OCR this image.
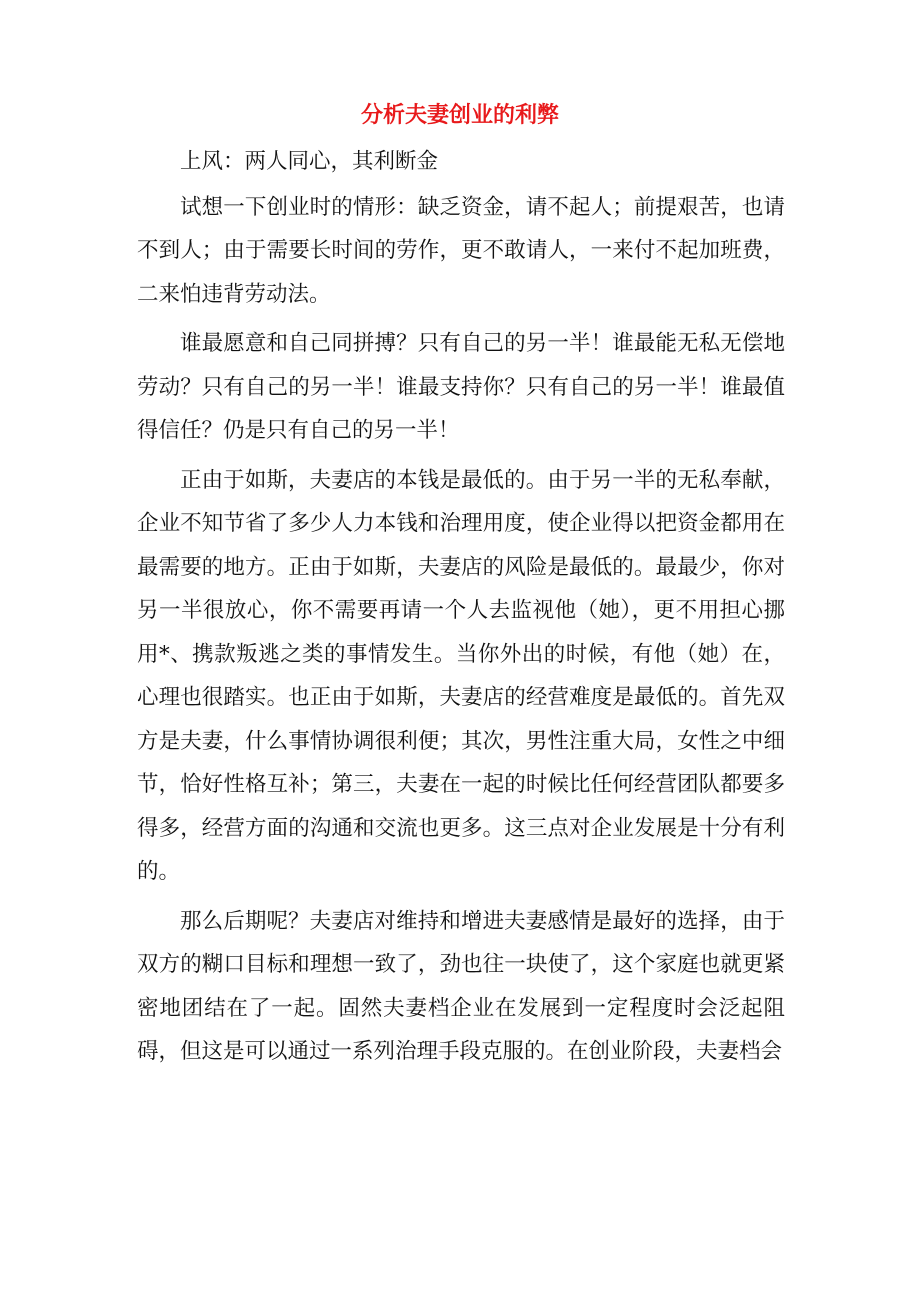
分析夫妻创业的利弊

上风：两人同心，其利断金

试想一下创业时的情形：缺乏资金，请不起人；前提艰苦，也请不到人；由于需要长时间的劳作，更不敢请人，一来付不起加班费， 二来怕违背劳动法。

谁最愿意和自己同拼搏？只有自己的另一半！谁最能无私无偿地劳动？只有自己的另一半！谁最支持你？只有自己的另一半！谁最值得信任？仍是只有自己的另一半！

正由于如斯，夫妻店的本钱是最低的。由于另一半的无私奉献， 企业不知节省了多少人力本钱和治理用度，使企业得以把资金都用在 最需要的地方。正由于如斯，夫妻店的风险是最低的。最最少，你对 另一半很放心，你不需要再请一个人去监视他（她），更不用担心挪 用*、携款叛逃之类的事情发生。当你外出的时候，有他（她）在， 心理也很踏实。也正由于如斯，夫妻店的经营难度是最低的。首先双 方是夫妻，什么事情协调很利便；其次，男性注重大局，女性之中细 节，恰好性格互补；第三，夫妻在一起的时候比任何经营团队都要多 得多，经营方面的沟通和交流也更多。这三点对企业发展是十分有利 的。

那么后期呢？夫妻店对维持和增进夫妻感情是最好的选择，由于双方的糊口目标和理想一致了，劲也往一块使了，这个家庭也就更紧密地团结在了一起。固然夫妻档企业在发展到一定程度时会泛起阻碍，但这是可以通过一系列治理手段克服的。在创业阶段，夫妻档会
